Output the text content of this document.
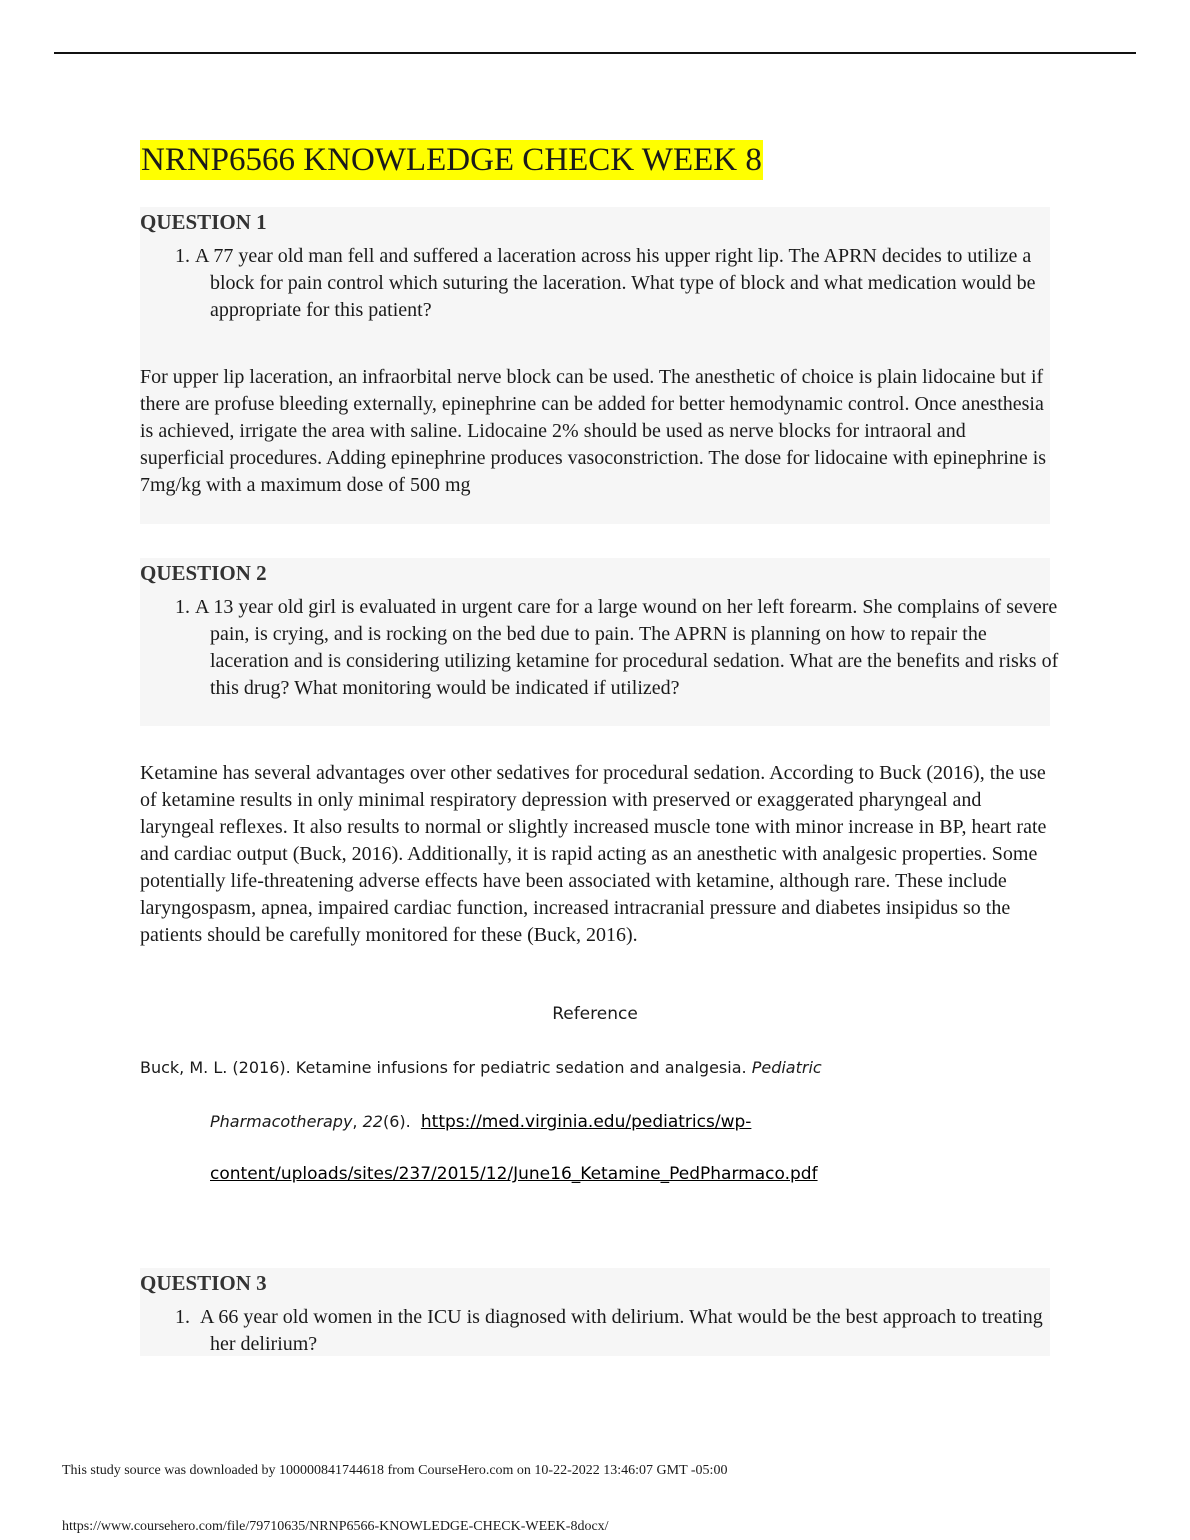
NRNP6566 KNOWLEDGE CHECK WEEK 8
QUESTION 1
1. A 77 year old man fell and suffered a laceration across his upper right lip. The APRN decides to utilize a block for pain control which suturing the laceration. What type of block and what medication would be appropriate for this patient?
For upper lip laceration, an infraorbital nerve block can be used. The anesthetic of choice is plain lidocaine but if there are profuse bleeding externally, epinephrine can be added for better hemodynamic control. Once anesthesia is achieved, irrigate the area with saline. Lidocaine 2% should be used as nerve blocks for intraoral and superficial procedures. Adding epinephrine produces vasoconstriction. The dose for lidocaine with epinephrine is 7mg/kg with a maximum dose of 500 mg
QUESTION 2
1. A 13 year old girl is evaluated in urgent care for a large wound on her left forearm. She complains of severe pain, is crying, and is rocking on the bed due to pain. The APRN is planning on how to repair the laceration and is considering utilizing ketamine for procedural sedation. What are the benefits and risks of this drug? What monitoring would be indicated if utilized?
Ketamine has several advantages over other sedatives for procedural sedation. According to Buck (2016), the use of ketamine results in only minimal respiratory depression with preserved or exaggerated pharyngeal and laryngeal reflexes. It also results to normal or slightly increased muscle tone with minor increase in BP, heart rate and cardiac output (Buck, 2016). Additionally, it is rapid acting as an anesthetic with analgesic properties. Some potentially life-threatening adverse effects have been associated with ketamine, although rare. These include laryngospasm, apnea, impaired cardiac function, increased intracranial pressure and diabetes insipidus so the patients should be carefully monitored for these (Buck, 2016).
Reference
Buck, M. L. (2016). Ketamine infusions for pediatric sedation and analgesia. Pediatric
Pharmacotherapy, 22(6). https://med.virginia.edu/pediatrics/wp-
content/uploads/sites/237/2015/12/June16_Ketamine_PedPharmaco.pdf
QUESTION 3
1. A 66 year old women in the ICU is diagnosed with delirium. What would be the best approach to treating her delirium?
This study source was downloaded by 100000841744618 from CourseHero.com on 10-22-2022 13:46:07 GMT -05:00
https://www.coursehero.com/file/79710635/NRNP6566-KNOWLEDGE-CHECK-WEEK-8docx/
